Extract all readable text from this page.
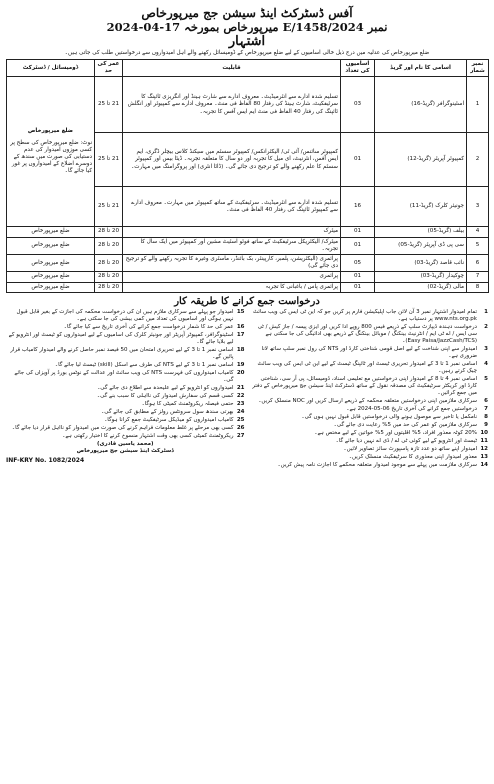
آفس ڈسٹرکٹ اینڈ سیشن جج میرپورخاص
نمبر E/1458/2024 میرپورخاص بمورخہ 17-04-2024
اشتہار
ضلع میرپورخاص کی عدلیہ میں درج ذیل خالی اسامیوں کے لیے ضلع میرپورخاص کے ڈومیسائل رکھنے والے اہل امیدواروں سے درخواستیں طلب کی جاتی ہیں۔
نمبر شمار	اسامی کا نام اور گریڈ	اسامیوں کی تعداد	قابلیت	عمر کی حد	ڈومیسائل / ڈسٹرکٹ
1	اسٹینوگرافر (گریڈ-16)	03	تسلیم شدہ ادارے سے انٹرمیڈیٹ۔ معروف ادارے سے شارٹ ہینڈ اور انگریزی ٹائپنگ کا سرٹیفکیٹ، شارٹ ہینڈ کی رفتار 80 الفاظ فی منٹ۔ معروف ادارے سے کمپیوٹر اور انگلش ٹائپنگ کی رفتار 40 الفاظ فی منٹ ایم ایس آفس کا تجربہ۔	21 تا 25	ضلع میرپورخاص
نوٹ: ضلع میرپورخاص کی سطح پر کسی موزوں امیدوار کی عدم دستیابی کی صورت میں سندھ کے دوسرے اضلاع کے امیدواروں پر غور کیا جائے گا۔

2	کمپیوٹر آپریٹر (گریڈ-12)	01	کمپیوٹر سائنس/ آئی ٹی/ الیکٹرانکس/ کمپیوٹر سسٹم میں سیکنڈ کلاس بیچلر ڈگری، ایم ایس آفس، انٹرنیٹ، ای میل کا تجربہ اور دو سال کا متعلقہ تجربہ۔ ڈیٹا بیس اور کمپیوٹر سسٹم کا علم رکھنے والے کو ترجیح دی جائے گی۔ (ڈاٹا انٹری) اور پروگرامنگ میں مہارت۔	21 تا 25	
3	جونیئر کلرک (گریڈ-11)	16	تسلیم شدہ ادارے سے انٹرمیڈیٹ۔ سرٹیفکیٹ کے ساتھ کمپیوٹر میں مہارت۔ معروف ادارے سے کمپیوٹر ٹائپنگ کی رفتار 40 الفاظ فی منٹ۔	21 تا 25	
4	بیلف (گریڈ-05)	01	میٹرک	20 تا 28	ضلع میرپورخاص
5	سی پی ڈی آپریٹر (گریڈ-05)	01	میٹرک/ الیکٹریکل سرٹیفکیٹ کے ساتھ فوٹو اسٹیٹ مشین اور کمپیوٹر میں ایک سال کا تجربہ۔	20 تا 28	ضلع میرپورخاص
6	نائب قاصد (گریڈ-03)	05	پرائمری (الیکٹریشن، پلمبر، کارپینٹر، بک بائنڈر، ماسٹری وغیرہ کا تجربہ رکھنے والے کو ترجیح دی جائے گی)	20 تا 28	ضلع میرپورخاص
7	چوکیدار (گریڈ-03)	01	پرائمری	20 تا 28	ضلع میرپورخاص
8	مالی (گریڈ-02)	01	پرائمری پاس / باغبانی کا تجربہ	20 تا 28	ضلع میرپورخاص
درخواست جمع کرانے کا طریقہ کار
1
تمام امیدوار اشتہار نمبر 3 آن لائن جاب اپلیکیشن فارم پر کریں جو کہ این ٹی ایس کی ویب سائٹ www.nts.org.pk پر دستیاب ہے۔
2
درخواست دہندہ ڈیپازٹ سلپ کے ذریعے فیس 800 روپے ادا کریں اور ایزی پیسہ / جاز کیش / ٹی سی ایس / اے ٹی ایم / انٹرنیٹ بینکنگ / موبائل بینکنگ کے ذریعے بھی ادائیگی کی جا سکتی ہے (Easy Paisa/JazzCash/TCS)۔
3
امیدوار سے اپنی شناخت کے لیے اصل قومی شناختی کارڈ اور NTS کی رول نمبر سلپ ساتھ لانا ضروری ہے۔
4
اسامی نمبر 1 تا 3 کے امیدوار تحریری ٹیسٹ اور ٹائپنگ ٹیسٹ کے لیے این ٹی ایس کی ویب سائٹ چیک کرتے رہیں۔
5
اسامی نمبر 4 تا 8 کے امیدوار اپنی درخواستیں مع تعلیمی اسناد، ڈومیسائل، پی آر سی، شناختی کارڈ اور کریکٹر سرٹیفکیٹ کی مصدقہ نقول کے ساتھ ڈسٹرکٹ اینڈ سیشن جج میرپورخاص کے دفتر میں جمع کرائیں۔
6
سرکاری ملازمین اپنی درخواستیں متعلقہ محکمہ کے ذریعے ارسال کریں اور NOC منسلک کریں۔
7
درخواستیں جمع کرانے کی آخری تاریخ 06-05-2024 ہے۔
8
نامکمل یا تاخیر سے موصول ہونے والی درخواستیں قابل قبول نہیں ہوں گی۔
9
سرکاری ملازمین کو عمر کی حد میں 5% رعایت دی جائے گی۔
10
20% کوٹہ معذور افراد، 5% اقلیتوں اور 5% خواتین کے لیے مختص ہے۔
11
ٹیسٹ اور انٹرویو کے لیے کوئی ٹی اے / ڈی اے نہیں دیا جائے گا۔
12
امیدوار اپنے ساتھ دو عدد تازہ پاسپورٹ سائز تصاویر لائیں۔
13
معذور امیدوار اپنی معذوری کا سرٹیفکیٹ منسلک کریں۔
14
سرکاری ملازمت میں پہلے سے موجود امیدوار متعلقہ محکمے کا اجازت نامہ پیش کریں۔
15
امیدوار جو پہلے سے سرکاری ملازم ہیں ان کی درخواست محکمہ کی اجازت کے بغیر قابل قبول نہیں ہوگی اور اسامیوں کی تعداد میں کمی بیشی کی جا سکتی ہے۔
16
عمر کی حد کا شمار درخواست جمع کرانے کی آخری تاریخ سے کیا جائے گا۔
17
اسٹینوگرافر، کمپیوٹر آپریٹر اور جونیئر کلرک کی اسامیوں کے لیے امیدواروں کو ٹیسٹ اور انٹرویو کے لیے بلایا جائے گا۔
18
اسامی نمبر 1 تا 3 کے لیے تحریری امتحان میں 50 فیصد نمبر حاصل کرنے والے امیدوار کامیاب قرار پائیں گے۔
19
اسامی نمبر 1 تا 3 کے لیے NTS کی طرف سے اسکل (skill) ٹیسٹ لیا جائے گا۔
20
کامیاب امیدواروں کی فہرست NTS کی ویب سائٹ اور عدالت کے نوٹس بورڈ پر آویزاں کی جائے گی۔
21
امیدواروں کو انٹرویو کے لیے علیحدہ سے اطلاع دی جائے گی۔
22
کسی قسم کی سفارش امیدوار کی نااہلی کا سبب بنے گی۔
23
حتمی فیصلہ ریکروٹمنٹ کمیٹی کا ہوگا۔
24
بھرتی سندھ سول سرونٹس رولز کے مطابق کی جائے گی۔
25
کامیاب امیدواروں کو میڈیکل سرٹیفکیٹ جمع کرانا ہوگا۔
26
کسی بھی مرحلے پر غلط معلومات فراہم کرنے کی صورت میں امیدوار کو نااہل قرار دیا جائے گا۔
27
ریکروٹمنٹ کمیٹی کسی بھی وقت اشتہار منسوخ کرنے کا اختیار رکھتی ہے۔
(محمد یاسین قادری)
ڈسٹرکٹ اینڈ سیشن جج میرپورخاص
INF-KRY No. 1082/2024
